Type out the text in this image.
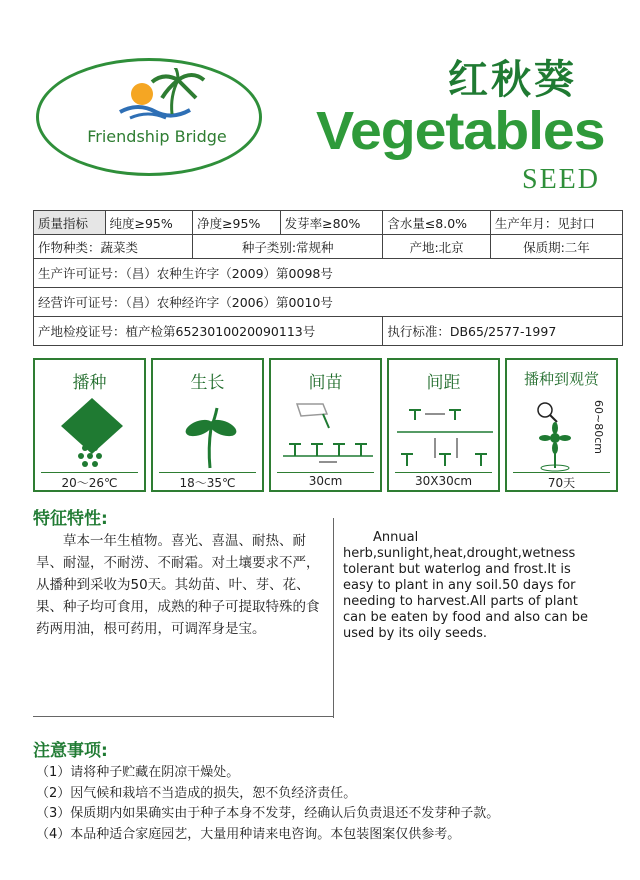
Friendship Bridge
红秋葵
Vegetables
SEED
质量指标	纯度≥95%	净度≥95%	发芽率≥80%	含水量≤8.0%	生产年月：见封口
作物种类：蔬菜类		种子类别:常规种		产地:北京	保质期:二年
生产许可证号：（昌）农种生许字（2009）第0098号					
经营许可证号：（昌）农种经许字（2006）第0010号					
产地检疫证号：植产检第6523010020090113号				执行标准：DB65/2577-1997	
播种
20～26℃
生长
18～35℃
间苗
30cm
间距
30X30cm
播种到观赏
60~80cm
70天
特征特性:
草本一年生植物。喜光、喜温、耐热、耐旱、耐湿，不耐涝、不耐霜。对土壤要求不严，从播种到采收为50天。其幼苗、叶、芽、花、果、种子均可食用，成熟的种子可提取特殊的食药两用油，根可药用，可调浑身是宝。
Annual
herb,sunlight,heat,drought,wetness
tolerant but waterlog and frost.It is
easy to plant in any soil.50 days for
needing to harvest.All parts of plant
can be eaten by food and also can be
used by its oily seeds.
注意事项:
（1）请将种子贮藏在阴凉干燥处。
（2）因气候和栽培不当造成的损失，恕不负经济责任。
（3）保质期内如果确实由于种子本身不发芽，经确认后负责退还不发芽种子款。
（4）本品种适合家庭园艺，大量用种请来电咨询。本包装图案仅供参考。
